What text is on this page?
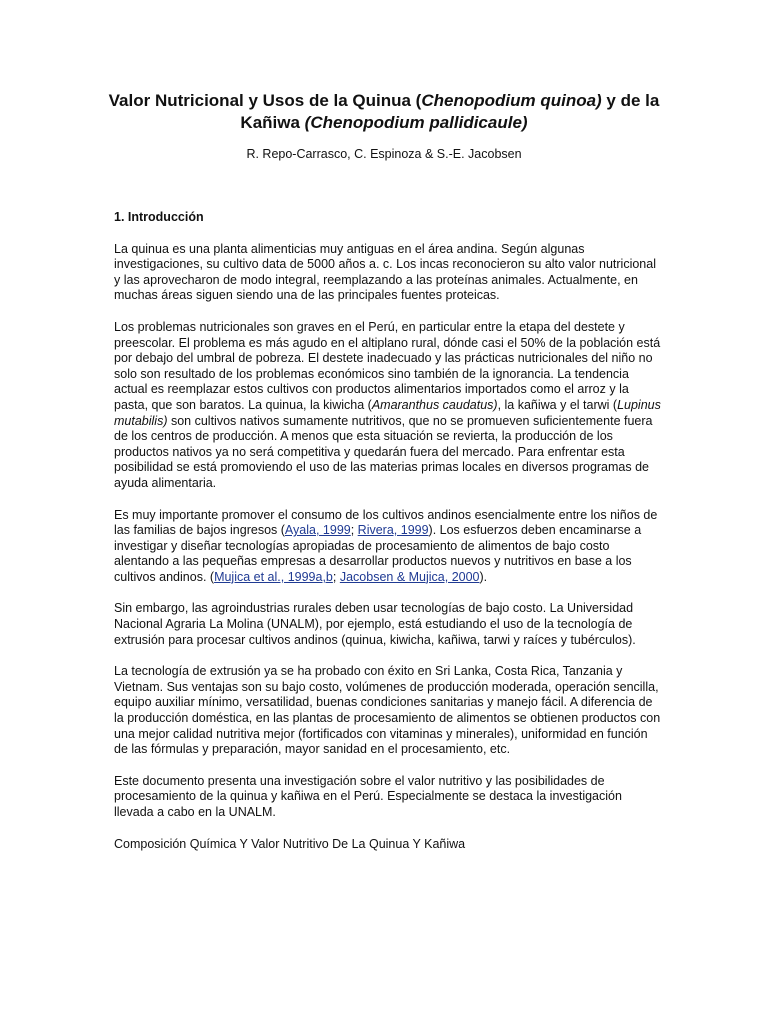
Valor Nutricional y Usos de la Quinua (Chenopodium quinoa) y de la Kañiwa (Chenopodium pallidicaule)

R. Repo-Carrasco, C. Espinoza & S.-E. Jacobsen

1. Introducción

La quinua es una planta alimenticias muy antiguas en el área andina. Según algunas investigaciones, su cultivo data de 5000 años a. c. Los incas reconocieron su alto valor nutricional y las aprovecharon de modo integral, reemplazando a las proteínas animales. Actualmente, en muchas áreas siguen siendo una de las principales fuentes proteicas.

Los problemas nutricionales son graves en el Perú, en particular entre la etapa del destete y preescolar. El problema es más agudo en el altiplano rural, dónde casi el 50% de la población está por debajo del umbral de pobreza. El destete inadecuado y las prácticas nutricionales del niño no solo son resultado de los problemas económicos sino también de la ignorancia. La tendencia actual es reemplazar estos cultivos con productos alimentarios importados como el arroz y la pasta, que son baratos. La quinua, la kiwicha (Amaranthus caudatus), la kañiwa y el tarwi (Lupinus mutabilis) son cultivos nativos sumamente nutritivos, que no se promueven suficientemente fuera de los centros de producción. A menos que esta situación se revierta, la producción de los productos nativos ya no será competitiva y quedarán fuera del mercado. Para enfrentar esta posibilidad se está promoviendo el uso de las materias primas locales en diversos programas de ayuda alimentaria.

Es muy importante promover el consumo de los cultivos andinos esencialmente entre los niños de las familias de bajos ingresos (Ayala, 1999; Rivera, 1999). Los esfuerzos deben encaminarse a investigar y diseñar tecnologías apropiadas de procesamiento de alimentos de bajo costo alentando a las pequeñas empresas a desarrollar productos nuevos y nutritivos en base a los cultivos andinos. (Mujica et al., 1999a,b; Jacobsen & Mujica, 2000).

Sin embargo, las agroindustrias rurales deben usar tecnologías de bajo costo. La Universidad Nacional Agraria La Molina (UNALM), por ejemplo, está estudiando el uso de la tecnología de extrusión para procesar cultivos andinos (quinua, kiwicha, kañiwa, tarwi y raíces y tubérculos).

La tecnología de extrusión ya se ha probado con éxito en Sri Lanka, Costa Rica, Tanzania y Vietnam. Sus ventajas son su bajo costo, volúmenes de producción moderada, operación sencilla, equipo auxiliar mínimo, versatilidad, buenas condiciones sanitarias y manejo fácil. A diferencia de la producción doméstica, en las plantas de procesamiento de alimentos se obtienen productos con una mejor calidad nutritiva mejor (fortificados con vitaminas y minerales), uniformidad en función de las fórmulas y preparación, mayor sanidad en el procesamiento, etc.

Este documento presenta una investigación sobre el valor nutritivo y las posibilidades de procesamiento de la quinua y kañiwa en el Perú. Especialmente se destaca la investigación llevada a cabo en la UNALM.

Composición Química Y Valor Nutritivo De La Quinua Y Kañiwa
